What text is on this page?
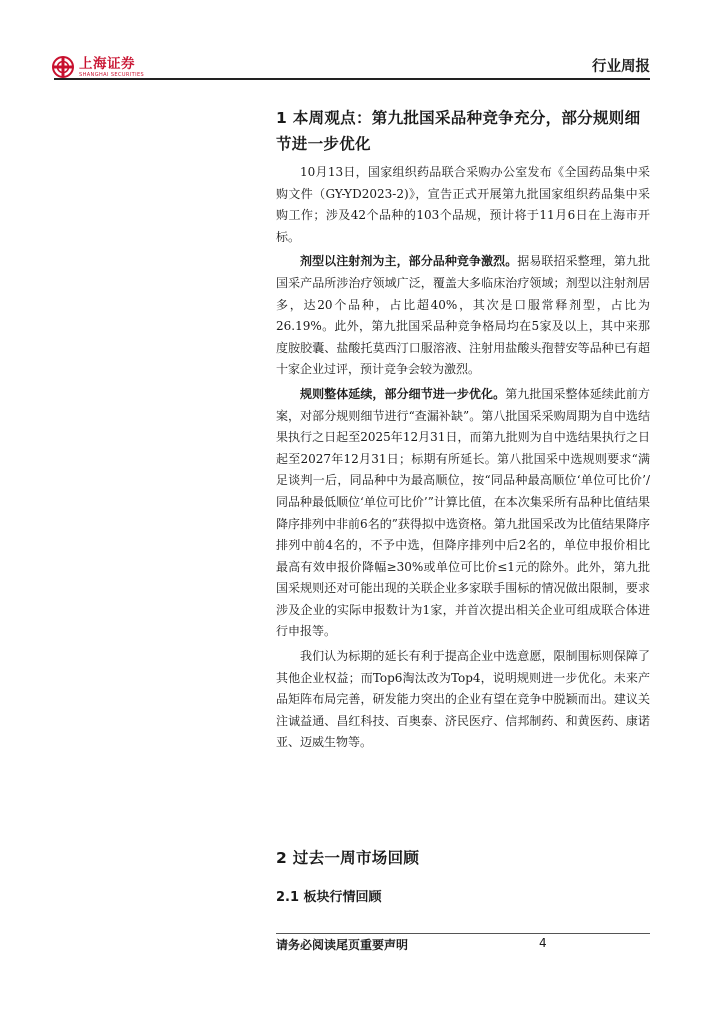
上海证券
SHANGHAI SECURITIES	行业周报
1 本周观点：第九批国采品种竞争充分，部分规则细节进一步优化

10月13日，国家组织药品联合采购办公室发布《全国药品集中采购文件（GY-YD2023-2)》，宣告正式开展第九批国家组织药品集中采购工作；涉及42个品种的103个品规，预计将于11月6日在上海市开标。

剂型以注射剂为主，部分品种竞争激烈。据易联招采整理，第九批国采产品所涉治疗领域广泛，覆盖大多临床治疗领域；剂型以注射剂居多，达20个品种，占比超40%，其次是口服常释剂型，占比为26.19%。此外，第九批国采品种竞争格局均在5家及以上，其中来那度胺胶囊、盐酸托莫西汀口服溶液、注射用盐酸头孢替安等品种已有超十家企业过评，预计竞争会较为激烈。

规则整体延续，部分细节进一步优化。第九批国采整体延续此前方案，对部分规则细节进行“查漏补缺”。第八批国采采购周期为自中选结果执行之日起至2025年12月31日，而第九批则为自中选结果执行之日起至2027年12月31日；标期有所延长。第八批国采中选规则要求“满足谈判一后，同品种中为最高顺位，按“同品种最高顺位‘单位可比价’/同品种最低顺位‘单位可比价’”计算比值，在本次集采所有品种比值结果降序排列中非前6名的”获得拟中选资格。第九批国采改为比值结果降序排列中前4名的，不予中选，但降序排列中后2名的，单位申报价相比最高有效申报价降幅≥30%或单位可比价≤1元的除外。此外，第九批国采规则还对可能出现的关联企业多家联手围标的情况做出限制，要求涉及企业的实际申报数计为1家，并首次提出相关企业可组成联合体进行申报等。

我们认为标期的延长有利于提高企业中选意愿，限制围标则保障了其他企业权益；而Top6淘汰改为Top4，说明规则进一步优化。未来产品矩阵布局完善，研发能力突出的企业有望在竞争中脱颖而出。建议关注诚益通、昌红科技、百奥泰、济民医疗、信邦制药、和黄医药、康诺亚、迈威生物等。

2 过去一周市场回顾
2.1 板块行情回顾
请务必阅读尾页重要声明	4
